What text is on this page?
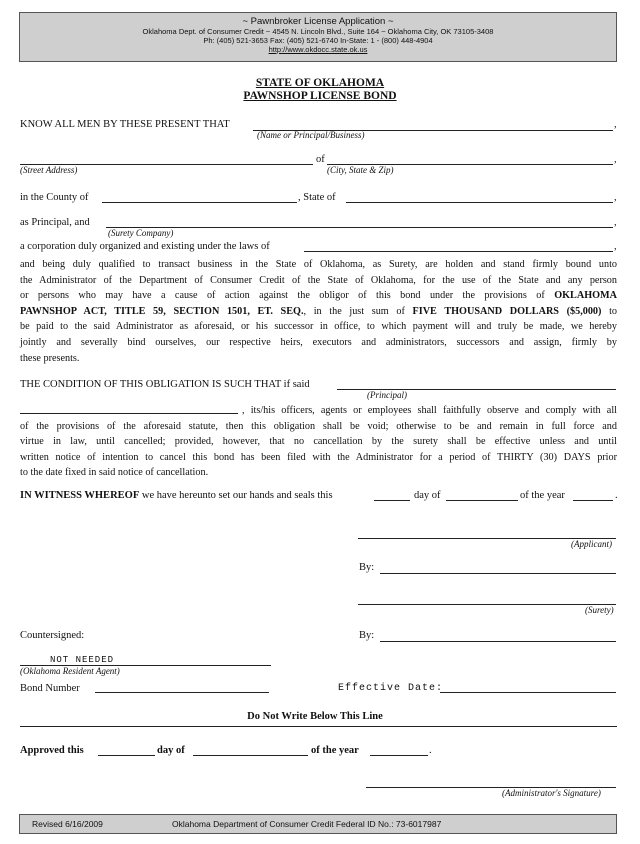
~ Pawnbroker License Application ~
Oklahoma Dept. of Consumer Credit ~ 4545 N. Lincoln Blvd., Suite 164 ~ Oklahoma City, OK 73105-3408
Ph: (405) 521-3653 Fax: (405) 521-6740 In-State: 1 - (800) 448-4904
http://www.okdocc.state.ok.us
STATE OF OKLAHOMA
PAWNSHOP LICENSE BOND
KNOW ALL MEN BY THESE PRESENT THAT	,
(Name or Principal/Business)
of	,
(Street Address)	(City, State & Zip)
in the County of	, State of	,
as Principal, and	,
(Surety Company)
a corporation duly organized and existing under the laws of	,
and being duly qualified to transact business in the State of Oklahoma, as Surety, are holden and stand firmly bound unto
the Administrator of the Department of Consumer Credit of the State of Oklahoma, for the use of the State and any person
or persons who may have a cause of action against the obligor of this bond under the provisions of OKLAHOMA
PAWNSHOP ACT, TITLE 59, SECTION 1501, ET. SEQ., in the just sum of FIVE THOUSAND DOLLARS ($5,000) to
be paid to the said Administrator as aforesaid, or his successor in office, to which payment will and truly be made, we hereby
jointly and severally bind ourselves, our respective heirs, executors and administrators, successors and assign, firmly by
these presents.
THE CONDITION OF THIS OBLIGATION IS SUCH THAT if said
(Principal)
, its/his officers, agents or employees shall faithfully observe and comply with all
of the provisions of the aforesaid statute, then this obligation shall be void; otherwise to be and remain in full force and
virtue in law, until cancelled; provided, however, that no cancellation by the surety shall be effective unless and until
written notice of intention to cancel this bond has been filed with the Administrator for a period of THIRTY (30) DAYS prior
to the date fixed in said notice of cancellation.
IN WITNESS WHEREOF we have hereunto set our hands and seals this	day of	of the year	.
(Applicant)
By:
(Surety)
Countersigned:	By:
NOT NEEDED
(Oklahoma Resident Agent)
Bond Number	Effective Date:
Do Not Write Below This Line
Approved this	day of	of the year	.
(Administrator's Signature)
Revised 6/16/2009	Oklahoma Department of Consumer Credit Federal ID No.: 73-6017987
